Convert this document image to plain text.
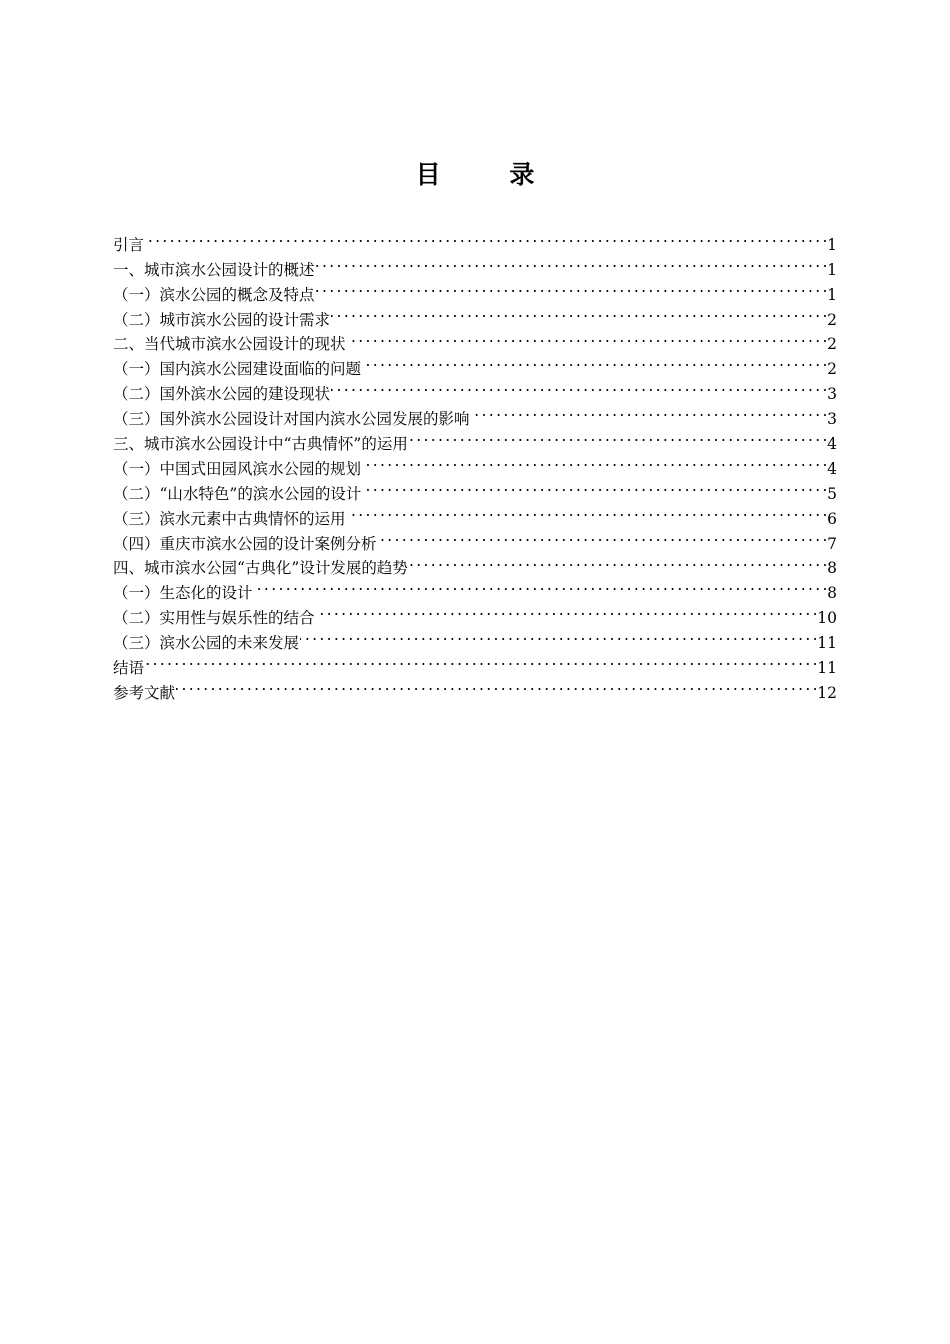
目 录
引言 . . .	1
一、城市滨水公园设计的概述 . . .	1
（一）滨水公园的概念及特点 . . .	1
（二）城市滨水公园的设计需求 . . .	2
二、当代城市滨水公园设计的现状 . . .	2
（一）国内滨水公园建设面临的问题 . . .	2
（二）国外滨水公园的建设现状 . . .	3
（三）国外滨水公园设计对国内滨水公园发展的影响 . . .	3
三、城市滨水公园设计中“古典情怀”的运用 . . .	4
（一）中国式田园风滨水公园的规划 . . .	4
（二）“山水特色”的滨水公园的设计 . . .	5
（三）滨水元素中古典情怀的运用 . . .	6
（四）重庆市滨水公园的设计案例分析 . . .	7
四、城市滨水公园“古典化”设计发展的趋势 . . .	8
（一）生态化的设计 . . .	8
（二）实用性与娱乐性的结合 . . .	10
（三）滨水公园的未来发展 . . .	11
结语 . . .	11
参考文献 . . .	12
